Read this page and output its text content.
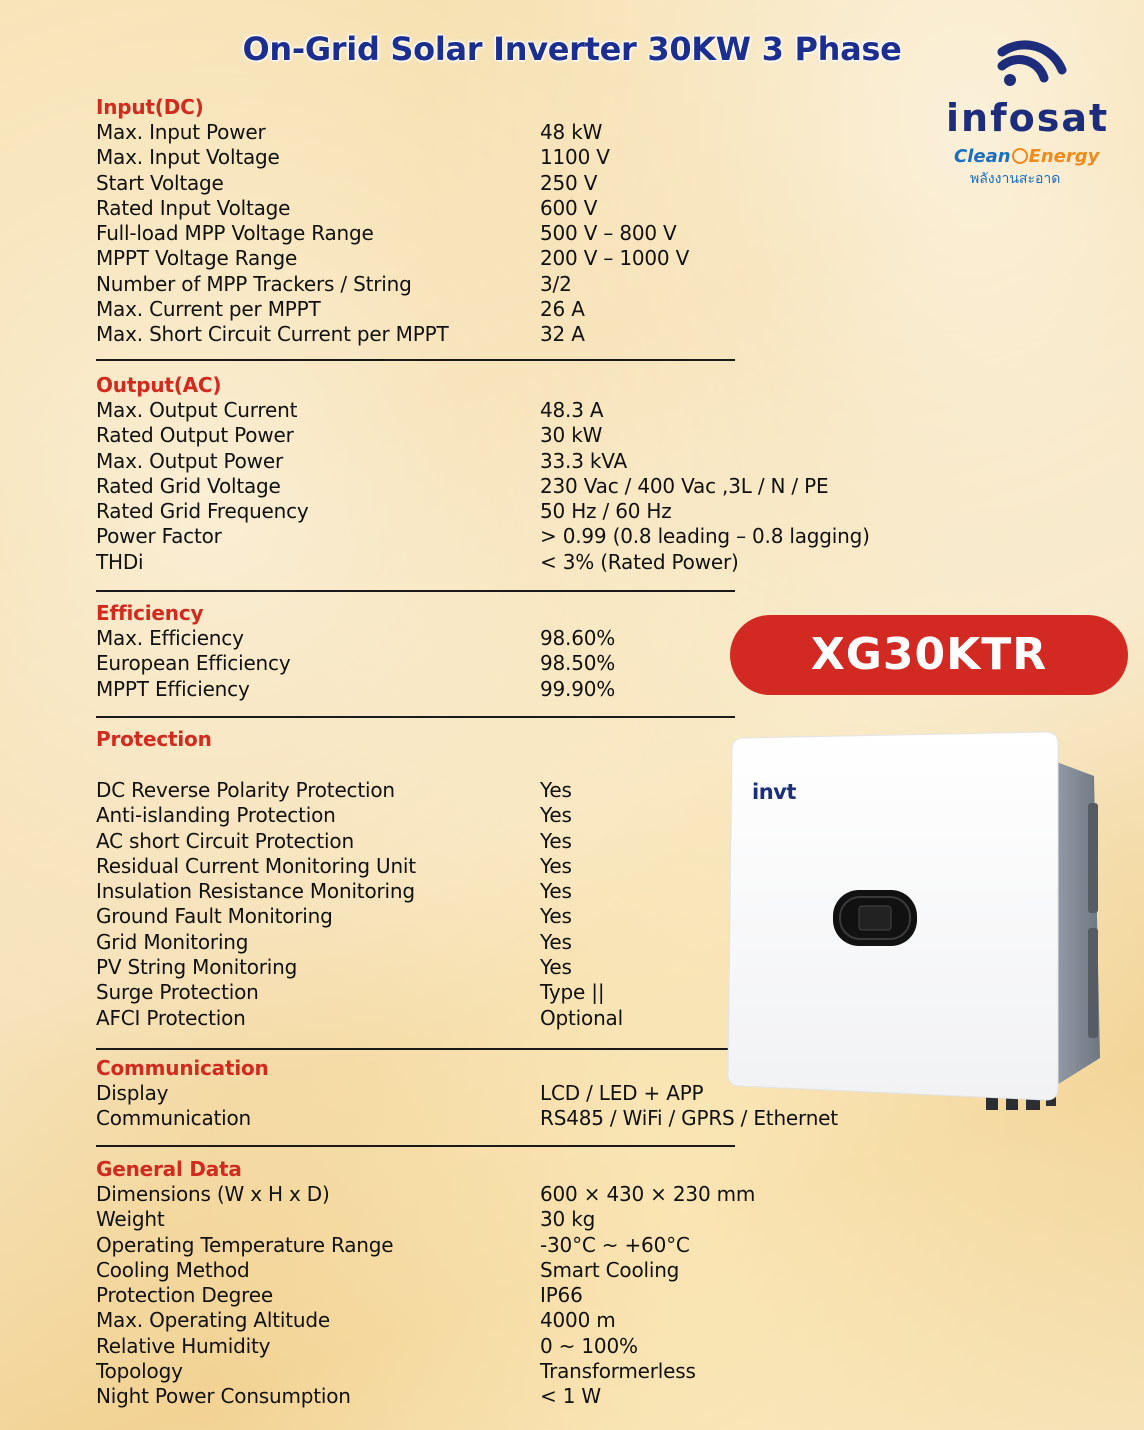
On-Grid Solar Inverter 30KW 3 Phase
infosat
Clean Energy
พลังงานสะอาด
Input(DC)
Max. Input Power	48 kW
Max. Input Voltage	1100 V
Start Voltage	250 V
Rated Input Voltage	600 V
Full-load MPP Voltage Range	500 V – 800 V
MPPT Voltage Range	200 V – 1000 V
Number of MPP Trackers / String	3/2
Max. Current per MPPT	26 A
Max. Short Circuit Current per MPPT	32 A
Output(AC)
Max. Output Current	48.3 A
Rated Output Power	30 kW
Max. Output Power	33.3 kVA
Rated Grid Voltage	230 Vac / 400 Vac ,3L / N / PE
Rated Grid Frequency	50 Hz / 60 Hz
Power Factor	> 0.99 (0.8 leading – 0.8 lagging)
THDi	< 3% (Rated Power)
Efficiency
Max. Efficiency	98.60%
European Efficiency	98.50%
MPPT Efficiency	99.90%
Protection
DC Reverse Polarity Protection	Yes
Anti-islanding Protection	Yes
AC short Circuit Protection	Yes
Residual Current Monitoring Unit	Yes
Insulation Resistance Monitoring	Yes
Ground Fault Monitoring	Yes
Grid Monitoring	Yes
PV String Monitoring	Yes
Surge Protection	Type ||
AFCI Protection	Optional
Communication
Display	LCD / LED + APP
Communication	RS485 / WiFi / GPRS / Ethernet
General Data
Dimensions (W x H x D)	600 × 430 × 230 mm
Weight	30 kg
Operating Temperature Range	-30°C ~ +60°C
Cooling Method	Smart Cooling
Protection Degree	IP66
Max. Operating Altitude	4000 m
Relative Humidity	0 ~ 100%
Topology	Transformerless
Night Power Consumption	< 1 W
XG30KTR
invt
